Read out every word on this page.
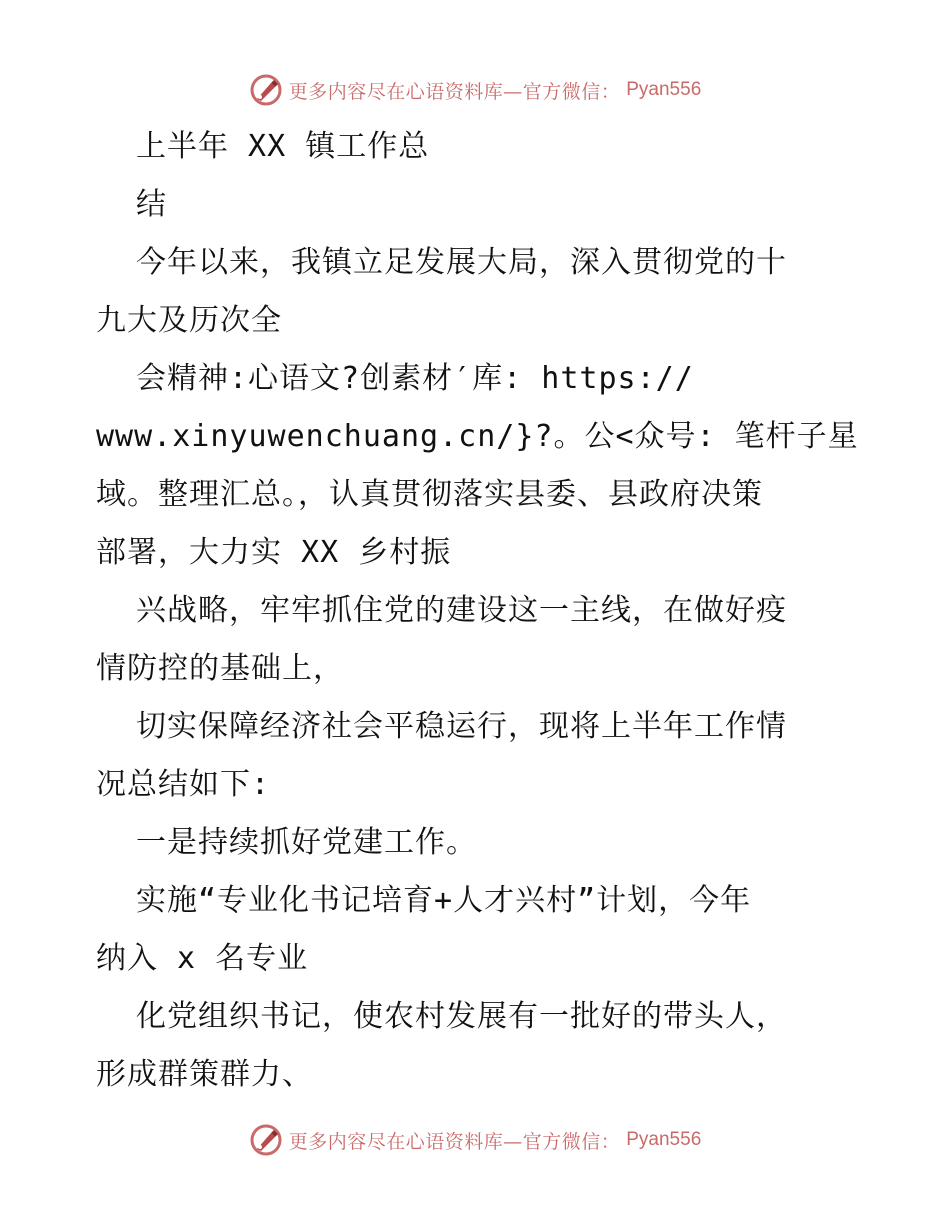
更多内容尽在心语资料库—官方微信： Pyan556
上半年 XX 镇工作总
结
今年以来，我镇立足发展大局，深入贯彻党的十
九大及历次全
会精神:心语文?创素材′库: https://
www.xinyuwenchuang.cn/}?。公<众号: 笔杆子星
域。整理汇总。，认真贯彻落实县委、县政府决策
部署，大力实 XX 乡村振
兴战略，牢牢抓住党的建设这一主线，在做好疫
情防控的基础上，
切实保障经济社会平稳运行，现将上半年工作情
况总结如下:
一是持续抓好党建工作。
实施“专业化书记培育+人才兴村”计划，今年
纳入 x 名专业
化党组织书记，使农村发展有一批好的带头人，
形成群策群力、
更多内容尽在心语资料库—官方微信： Pyan556
